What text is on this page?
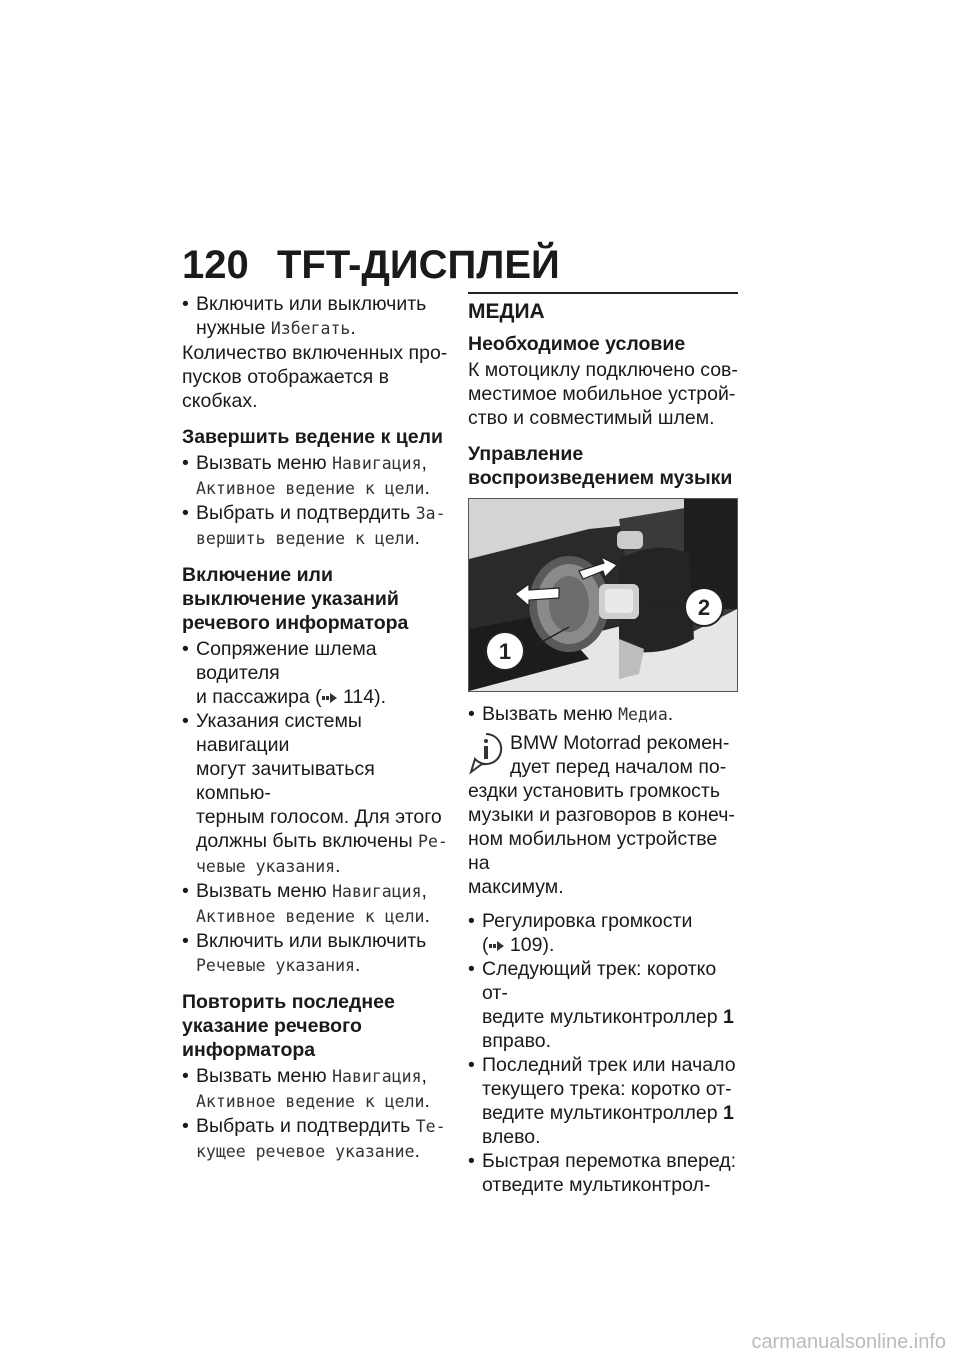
120 TFT-ДИСПЛЕЙ
• Включить или выключить
нужные Избегать.

Количество включенных про-
пусков отображается в скобках.

Завершить ведение к цели
• Вызвать меню Навигация,
Активное ведение к цели.
• Выбрать и подтвердить За-
вершить ведение к цели.
Включение или
выключение указаний
речевого информатора
• Сопряжение шлема водителя
и пассажира ( 114).
• Указания системы навигации
могут зачитываться компью-
терным голосом. Для этого
должны быть включены Ре-
чевые указания.
• Вызвать меню Навигация,
Активное ведение к цели.
• Включить или выключить
Речевые указания.
Повторить последнее
указание речевого
информатора
• Вызвать меню Навигация,
Активное ведение к цели.
• Выбрать и подтвердить Те-
кущее речевое указание.
МЕДИА
Необходимое условие

К мотоциклу подключено сов-
местимое мобильное устрой-
ство и совместимый шлем.

Управление
воспроизведением музыки
1
2
• Вызвать меню Медиа.
BMW Motorrad рекомен-
дует перед началом по-
ездки установить громкость
музыки и разговоров в конеч-
ном мобильном устройстве на
максимум.
• Регулировка громкости
( 109).
• Следующий трек: коротко от-
ведите мультиконтроллер 1
вправо.
• Последний трек или начало
текущего трека: коротко от-
ведите мультиконтроллер 1
влево.
• Быстрая перемотка вперед:
отведите мультиконтрол-
carmanualsonline.info
